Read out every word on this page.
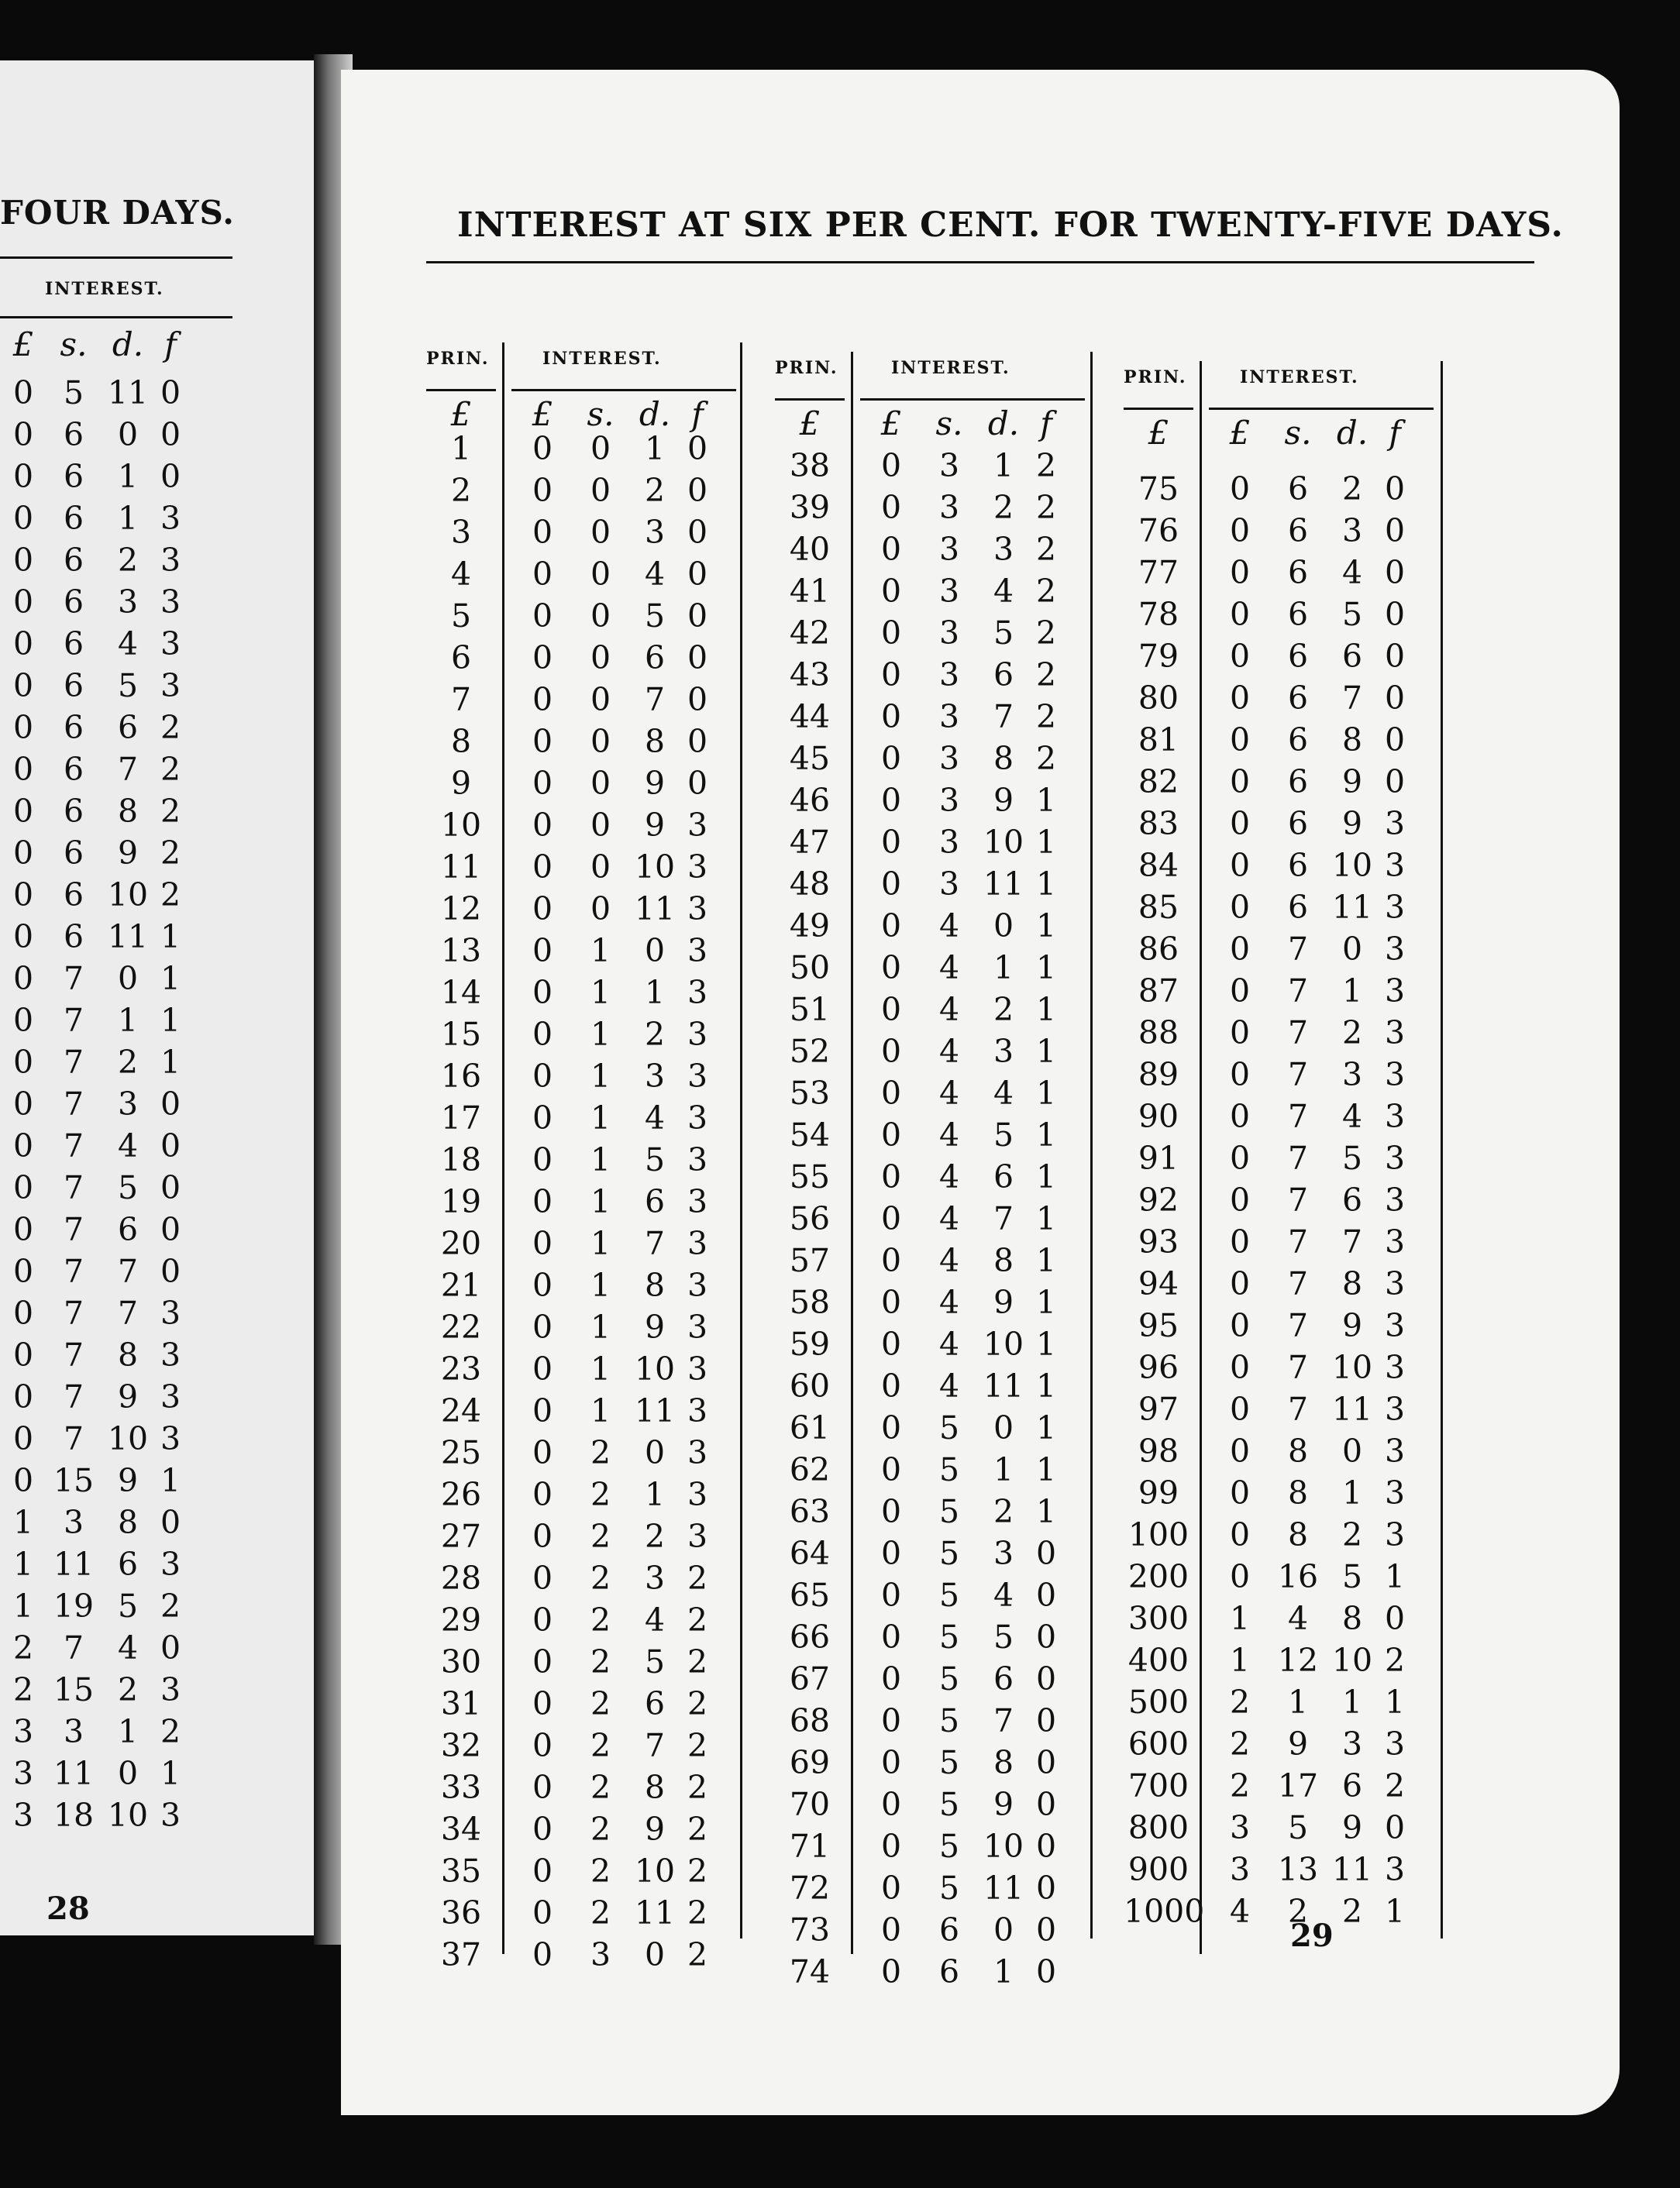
FOUR DAYS.
INTEREST.
£ s. d. f
0 5 11 0
0 6	0 0
0 6	1 0
0 6	1 3
0 6	2 3
0 6	3 3
0 6	4 3
0 6	5 3
0 6	6 2
0 6	7 2
0 6	8 2
0 6	9 2
0 6 10 2
0 6 11 1
0 7	0 1
0 7	1 1
0 7	2 1
0 7	3 0
0 7	4 0
0 7	5 0
0 7	6 0
0 7	7 0
0 7	7 3
0 7	8 3
0 7	9 3
0 7 10 3
0 15 9 1
1 3	8 0
1 11 6 3
1 19 5 2
2 7	4 0
2 15 2 3
3 3	1 2
3 11 0 1
3 18 10 3
28
INTEREST AT SIX PER CENT. FOR TWENTY-FIVE DAYS.
PRIN.	INTEREST.
£	£	s. d. f
1	0	0	1 0
2	0	0	2 0
3	0	0	3 0
4	0	0	4 0
5	0	0	5 0
6	0	0	6 0
7	0	0	7 0
8	0	0	8 0
9	0	0	9 0
10	0	0	9 3
11	0	0 10 3
12	0	0 11 3
13	0	1	0 3
14	0	1	1 3
15	0	1	2 3
16	0	1	3 3
17	0	1	4 3
18	0	1	5 3
19	0	1	6 3
20	0	1	7 3
21	0	1	8 3
22	0	1	9 3
23	0	1 10 3
24	0	1 11 3
25	0	2	0 3
26	0	2	1 3
27	0	2	2 3
28	0	2	3 2
29	0	2	4 2
30	0	2	5 2
31	0	2	6 2
32	0	2	7 2
33	0	2	8 2
34	0	2	9 2
35	0	2 10 2
36	0	2 11 2
37	0	3	0 2
PRIN.	INTEREST.
£	£	s. d. f
38	0	3	1 2
39	0	3	2 2
40	0	3	3 2
41	0	3	4 2
42	0	3	5 2
43	0	3	6 2
44	0	3	7 2
45	0	3	8 2
46	0	3	9 1
47	0	3 10 1
48	0	3 11 1
49	0	4	0 1
50	0	4	1 1
51	0	4	2 1
52	0	4	3 1
53	0	4	4 1
54	0	4	5 1
55	0	4	6 1
56	0	4	7 1
57	0	4	8 1
58	0	4	9 1
59	0	4 10 1
60	0	4 11 1
61	0	5	0 1
62	0	5	1 1
63	0	5	2 1
64	0	5	3 0
65	0	5	4 0
66	0	5	5 0
67	0	5	6 0
68	0	5	7 0
69	0	5	8 0
70	0	5	9 0
71	0	5 10 0
72	0	5 11 0
73	0	6	0 0
74	0	6	1 0
PRIN.	INTEREST.
£	£	s. d. f
75	0	6	2 0
76	0	6	3 0
77	0	6	4 0
78	0	6	5 0
79	0	6	6 0
80	0	6	7 0
81	0	6	8 0
82	0	6	9 0
83	0	6	9 3
84	0	6 10 3
85	0	6 11 3
86	0	7	0 3
87	0	7	1 3
88	0	7	2 3
89	0	7	3 3
90	0	7	4 3
91	0	7	5 3
92	0	7	6 3
93	0	7	7 3
94	0	7	8 3
95	0	7	9 3
96	0	7 10 3
97	0	7 11 3
98	0	8	0 3
99	0	8	1 3
100	0	8	2 3
200	0 16 5 1
300	1	4	8 0
400	1 12 10 2
500	2	1	1 1
600	2	9	3 3
700	2 17 6 2
800	3	5	9 0
900	3 13 11 3
1000 4	2	2 1
29
